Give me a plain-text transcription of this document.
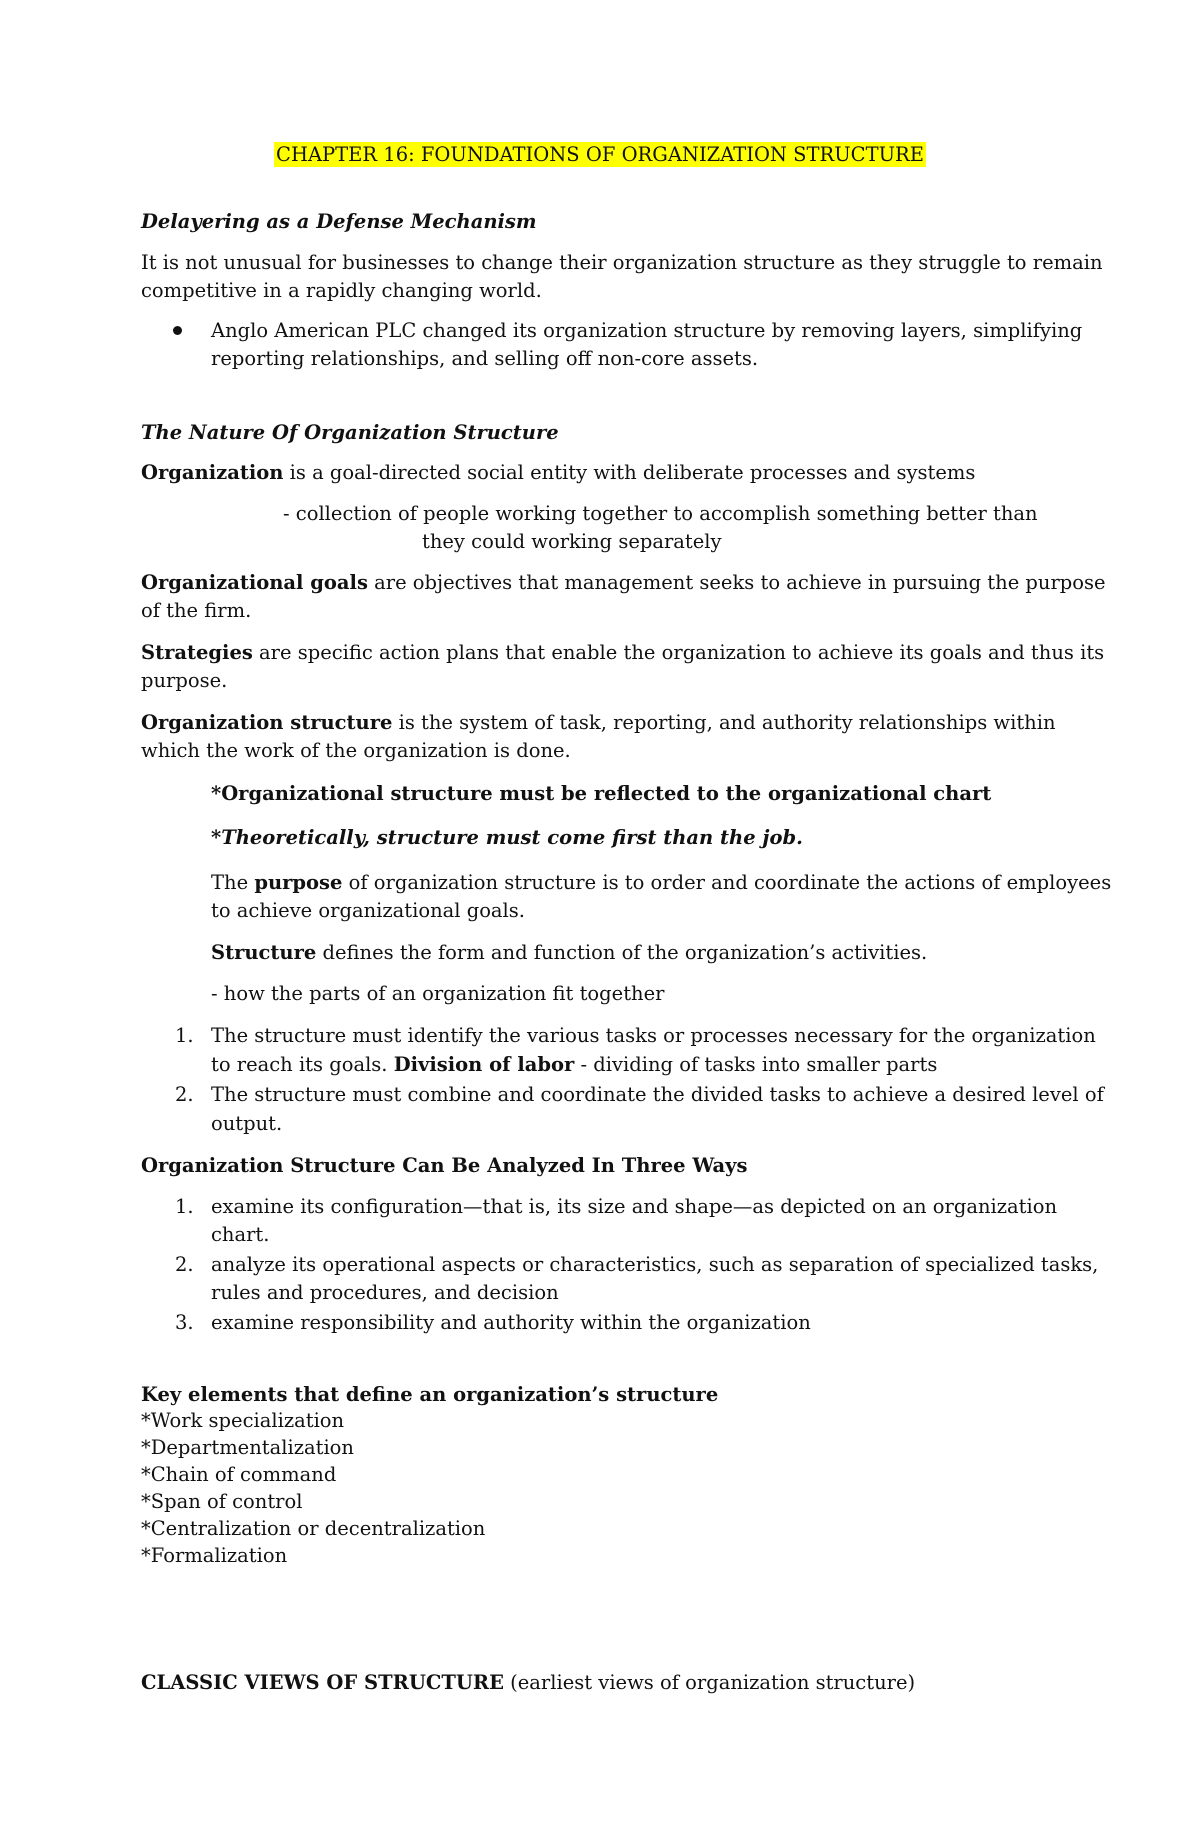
CHAPTER 16: FOUNDATIONS OF ORGANIZATION STRUCTURE
Delayering as a Defense Mechanism
It is not unusual for businesses to change their organization structure as they struggle to remain
competitive in a rapidly changing world.
Anglo American PLC changed its organization structure by removing layers, simplifying
reporting relationships, and selling off non-core assets.
The Nature Of Organization Structure
Organization is a goal-directed social entity with deliberate processes and systems
- collection of people working together to accomplish something better than
they could working separately
Organizational goals are objectives that management seeks to achieve in pursuing the purpose
of the firm.
Strategies are specific action plans that enable the organization to achieve its goals and thus its
purpose.
Organization structure is the system of task, reporting, and authority relationships within
which the work of the organization is done.
*Organizational structure must be reflected to the organizational chart
*Theoretically, structure must come first than the job.
The purpose of organization structure is to order and coordinate the actions of employees
to achieve organizational goals.
Structure defines the form and function of the organization’s activities.
- how the parts of an organization fit together
1. The structure must identify the various tasks or processes necessary for the organization
to reach its goals. Division of labor - dividing of tasks into smaller parts
2. The structure must combine and coordinate the divided tasks to achieve a desired level of
output.
Organization Structure Can Be Analyzed In Three Ways
1. examine its configuration—that is, its size and shape—as depicted on an organization
chart.
2. analyze its operational aspects or characteristics, such as separation of specialized tasks,
rules and procedures, and decision
3. examine responsibility and authority within the organization
Key elements that define an organization’s structure
*Work specialization
*Departmentalization
*Chain of command
*Span of control
*Centralization or decentralization
*Formalization
CLASSIC VIEWS OF STRUCTURE (earliest views of organization structure)
